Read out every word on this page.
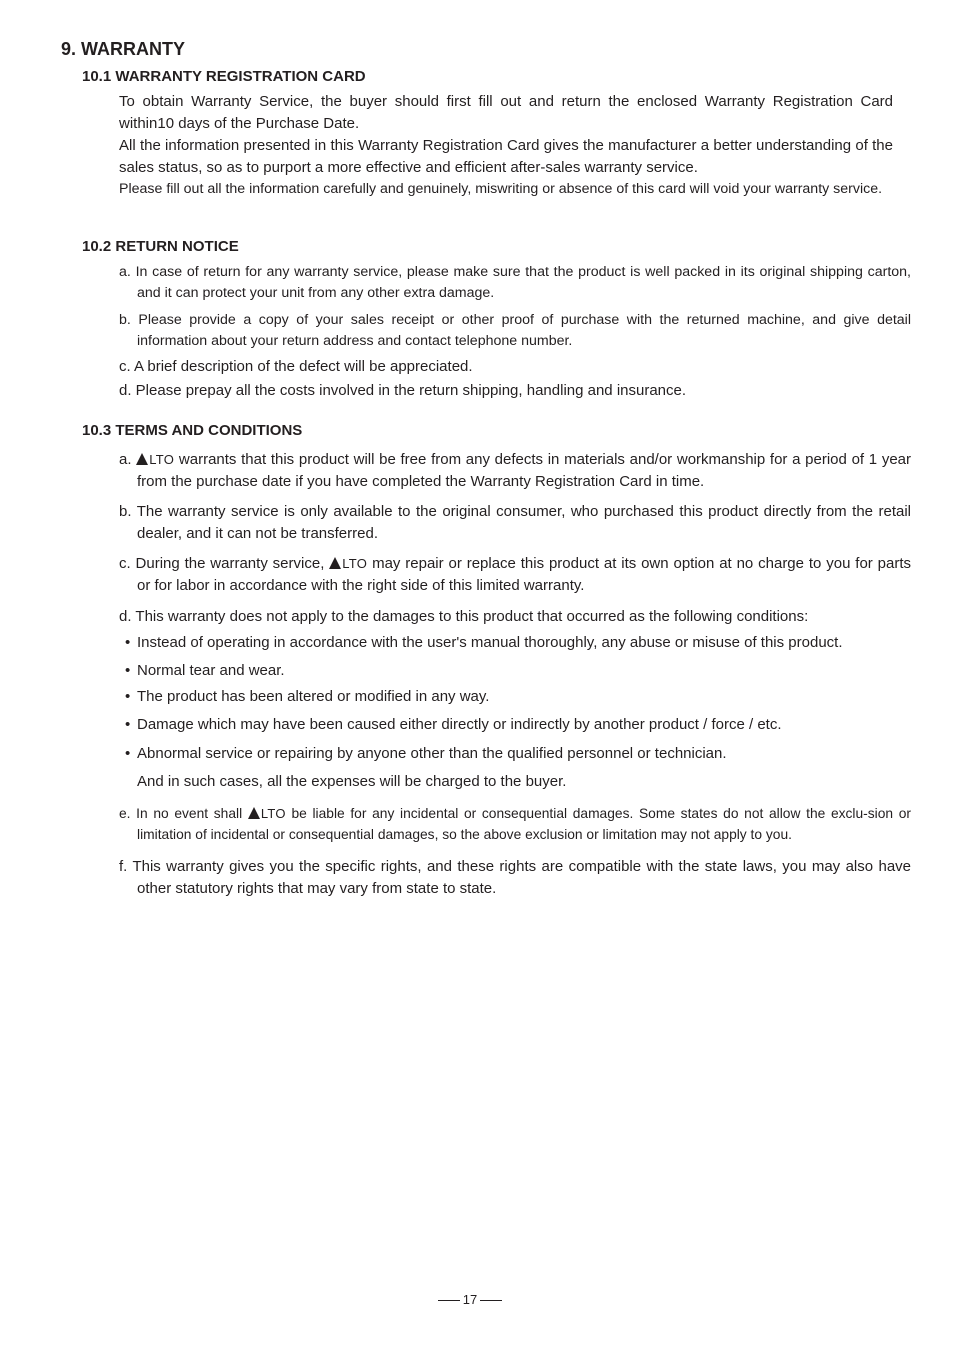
9. WARRANTY
10.1 WARRANTY REGISTRATION CARD

To obtain Warranty Service, the buyer should first fill out and return the enclosed Warranty Registration Card within10 days of the Purchase Date.

All the information presented in this Warranty Registration Card gives the manufacturer a better understanding of the sales status, so as to purport a more effective and efficient after-sales warranty service.

Please fill out all the information carefully and genuinely, miswriting or absence of this card will void your warranty service.

10.2 RETURN NOTICE

a. In case of return for any warranty service, please make sure that the product is well packed in its original shipping carton, and it can protect your unit from any other extra damage.

b. Please provide a copy of your sales receipt or other proof of purchase with the returned machine, and give detail information about your return address and contact telephone number.

c. A brief description of the defect will be appreciated.

d. Please prepay all the costs involved in the return shipping, handling and insurance.

10.3 TERMS AND CONDITIONS

a. LTO warrants that this product will be free from any defects in materials and/or workmanship for a period of 1 year from the purchase date if you have completed the Warranty Registration Card in time.

b. The warranty service is only available to the original consumer, who purchased this product directly from the retail dealer, and it can not be transferred.

c. During the warranty service, LTO may repair or replace this product at its own option at no charge to you for parts or for labor in accordance with the right side of this limited warranty.

d. This warranty does not apply to the damages to this product that occurred as the following conditions:

• Instead of operating in accordance with the user's manual thoroughly, any abuse or misuse of this product.

• Normal tear and wear.

• The product has been altered or modified in any way.

• Damage which may have been caused either directly or indirectly by another product / force / etc.

• Abnormal service or repairing by anyone other than the qualified personnel or technician.

And in such cases, all the expenses will be charged to the buyer.

e. In no event shall LTO be liable for any incidental or consequential damages. Some states do not allow the exclu-sion or limitation of incidental or consequential damages, so the above exclusion or limitation may not apply to you.

f. This warranty gives you the specific rights, and these rights are compatible with the state laws, you may also have other statutory rights that may vary from state to state.

17
